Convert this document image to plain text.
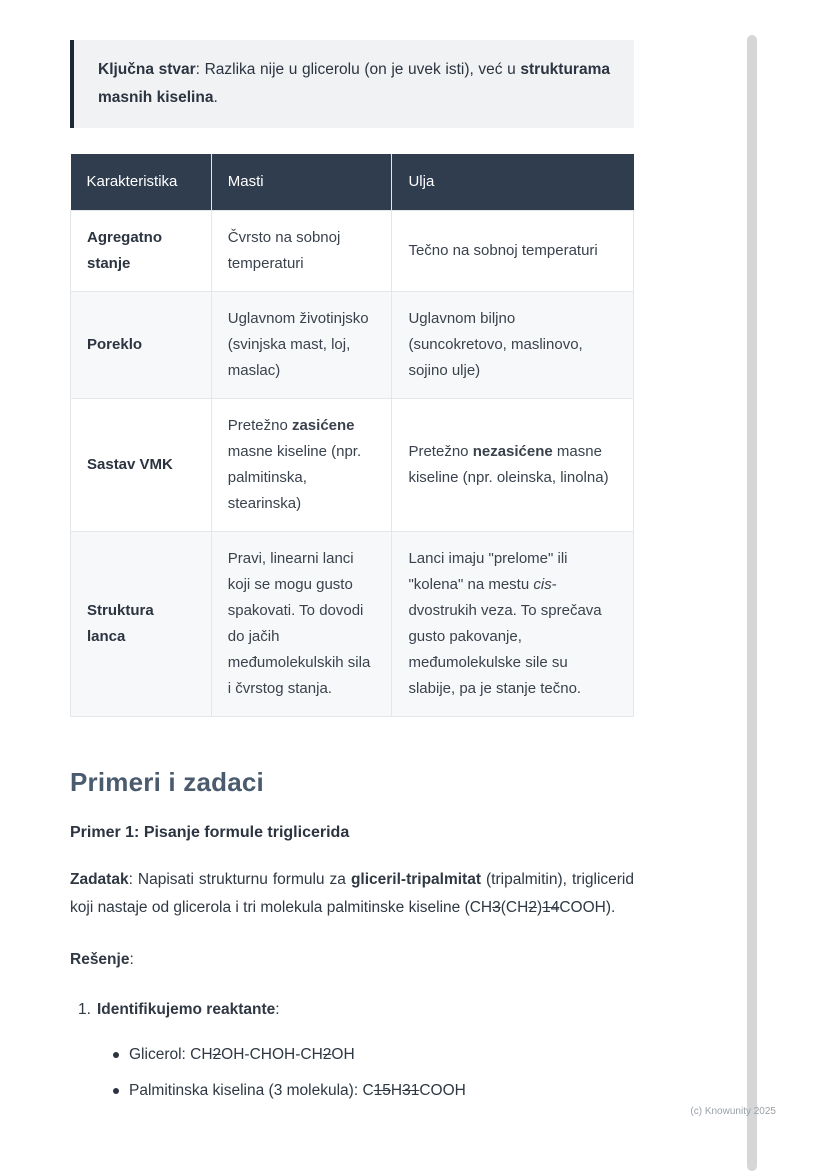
Ključna stvar: Razlika nije u glicerolu (on je uvek isti), već u strukturama masnih kiselina.

Karakteristika	Masti	Ulja
Agregatno stanje	Čvrsto na sobnoj temperaturi	Tečno na sobnoj temperaturi
Poreklo	Uglavnom životinjsko (svinjska mast, loj, maslac)	Uglavnom biljno (suncokretovo, maslinovo, sojino ulje)
Sastav VMK	Pretežno zasićene masne kiseline (npr. palmitinska, stearinska)	Pretežno nezasićene masne kiseline (npr. oleinska, linolna)
Struktura lanca	Pravi, linearni lanci koji se mogu gusto spakovati. To dovodi do jačih međumolekulskih sila i čvrstog stanja.	Lanci imaju "prelome" ili "kolena" na mestu cis-dvostrukih veza. To sprečava gusto pakovanje, međumolekulske sile su slabije, pa je stanje tečno.
Primeri i zadaci

Primer 1: Pisanje formule triglicerida

Zadatak: Napisati strukturnu formulu za gliceril-tripalmitat (tripalmitin), triglicerid koji nastaje od glicerola i tri molekula palmitinske kiseline (CH3(CH2)14COOH).

Rešenje:

1. Identifikujemo reaktante:
Glicerol: CH2OH-CHOH-CH2OH
Palmitinska kiselina (3 molekula): C15H31COOH
(c) Knowunity 2025
